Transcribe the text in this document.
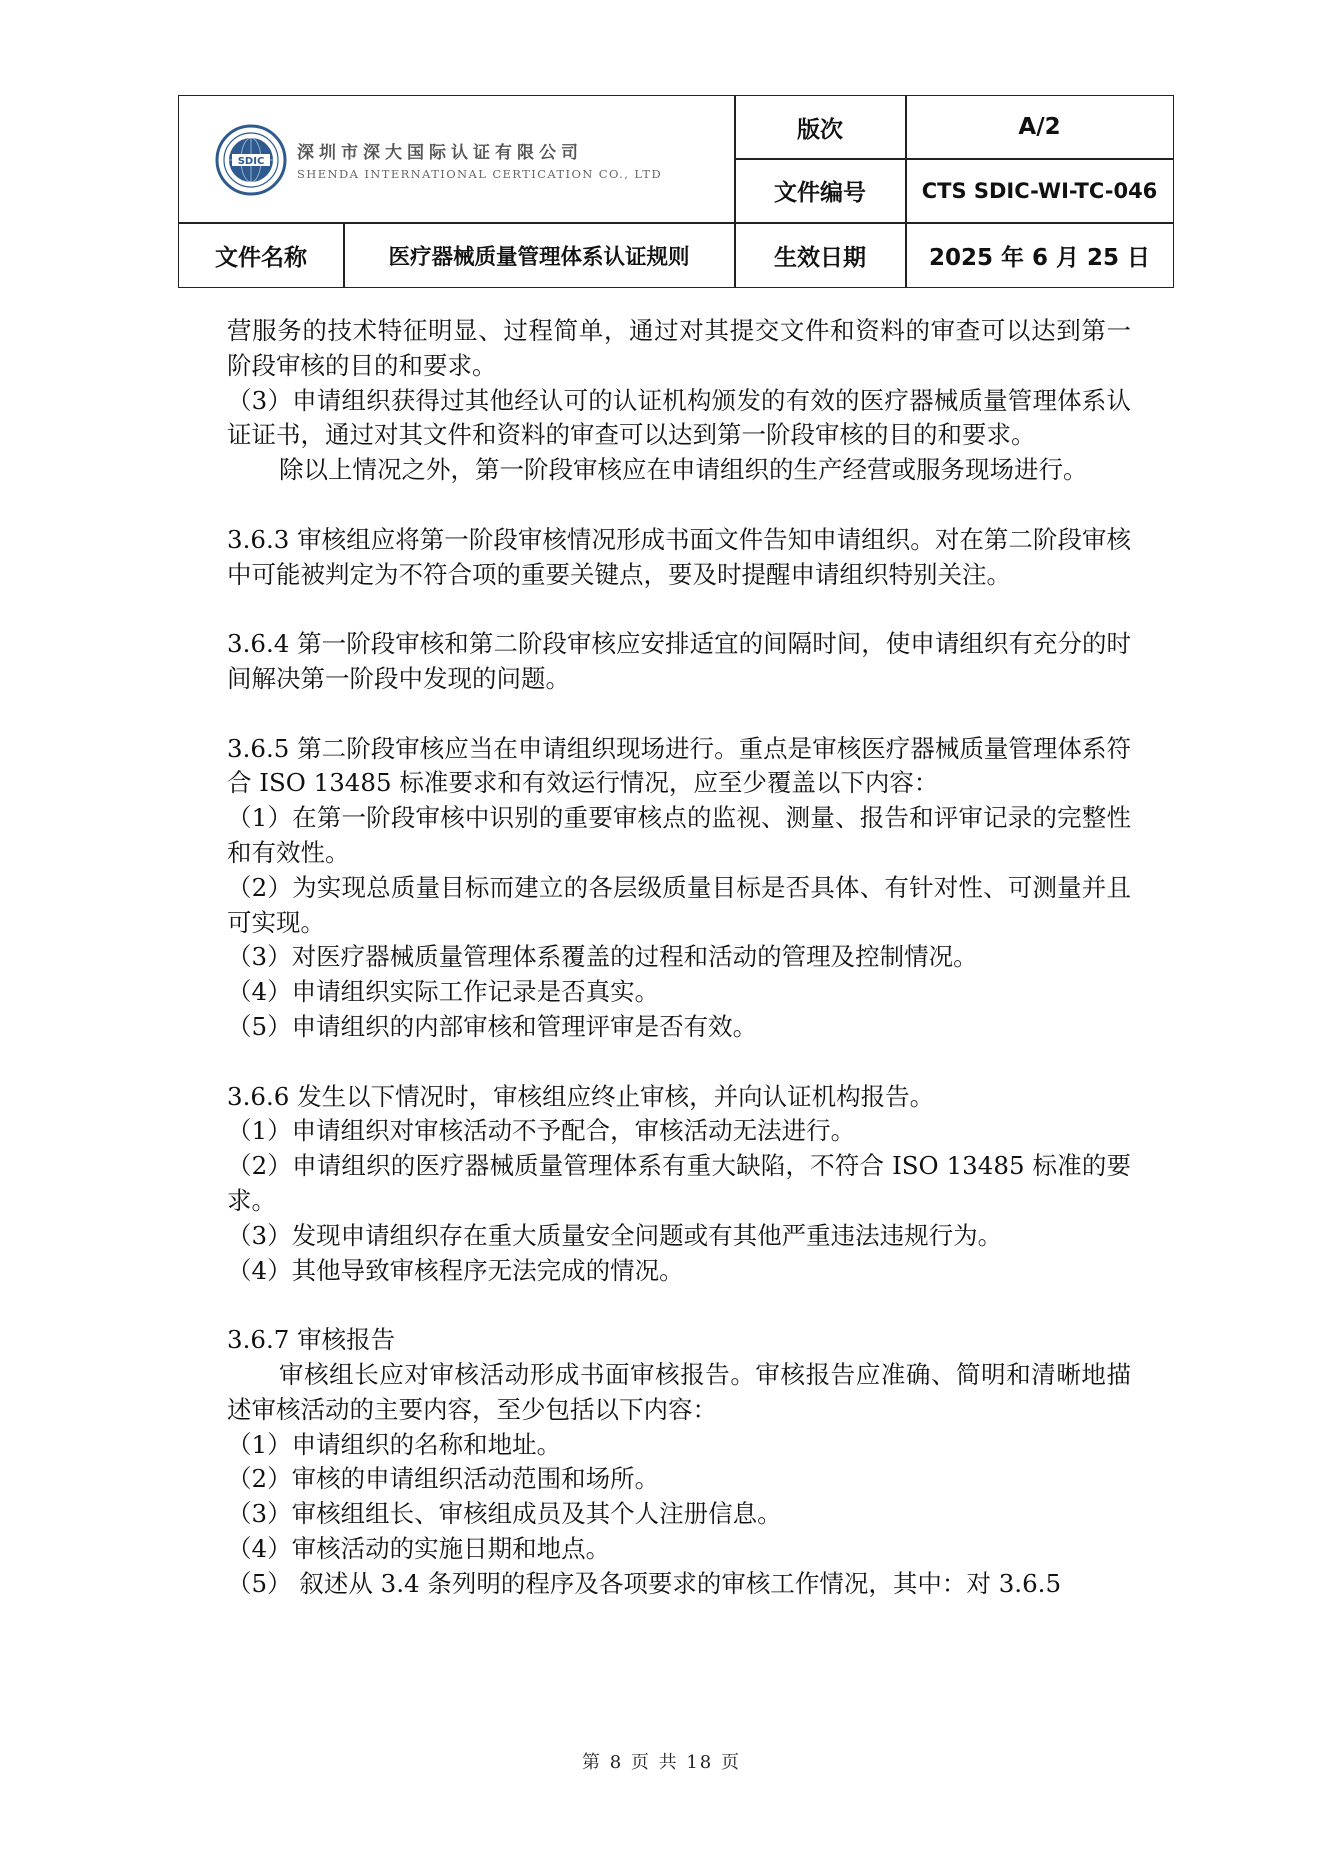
SDIC 深圳市深大国际认证有限公司
SHENDA INTERNATIONAL CERTICATION CO., LTD
版次	A/2
文件编号	CTS SDIC-WI-TC-046
文件名称	医疗器械质量管理体系认证规则	生效日期	2025 年 6 月 25 日

营服务的技术特征明显、过程简单，通过对其提交文件和资料的审查可以达到第一阶段审核的目的和要求。

（3）申请组织获得过其他经认可的认证机构颁发的有效的医疗器械质量管理体系认证证书，通过对其文件和资料的审查可以达到第一阶段审核的目的和要求。

除以上情况之外，第一阶段审核应在申请组织的生产经营或服务现场进行。

3.6.3 审核组应将第一阶段审核情况形成书面文件告知申请组织。对在第二阶段审核中可能被判定为不符合项的重要关键点，要及时提醒申请组织特别关注。

3.6.4 第一阶段审核和第二阶段审核应安排适宜的间隔时间，使申请组织有充分的时间解决第一阶段中发现的问题。

3.6.5 第二阶段审核应当在申请组织现场进行。重点是审核医疗器械质量管理体系符合 ISO 13485 标准要求和有效运行情况，应至少覆盖以下内容：

（1）在第一阶段审核中识别的重要审核点的监视、测量、报告和评审记录的完整性和有效性。

（2）为实现总质量目标而建立的各层级质量目标是否具体、有针对性、可测量并且可实现。

（3）对医疗器械质量管理体系覆盖的过程和活动的管理及控制情况。

（4）申请组织实际工作记录是否真实。

（5）申请组织的内部审核和管理评审是否有效。

3.6.6 发生以下情况时，审核组应终止审核，并向认证机构报告。

（1）申请组织对审核活动不予配合，审核活动无法进行。

（2）申请组织的医疗器械质量管理体系有重大缺陷，不符合 ISO 13485 标准的要求。

（3）发现申请组织存在重大质量安全问题或有其他严重违法违规行为。

（4）其他导致审核程序无法完成的情况。

3.6.7 审核报告

审核组长应对审核活动形成书面审核报告。审核报告应准确、简明和清晰地描述审核活动的主要内容，至少包括以下内容：

（1）申请组织的名称和地址。

（2）审核的申请组织活动范围和场所。

（3）审核组组长、审核组成员及其个人注册信息。

（4）审核活动的实施日期和地点。

（5） 叙述从 3.4 条列明的程序及各项要求的审核工作情况，其中：对 3.6.5

第 8 页 共 18 页
